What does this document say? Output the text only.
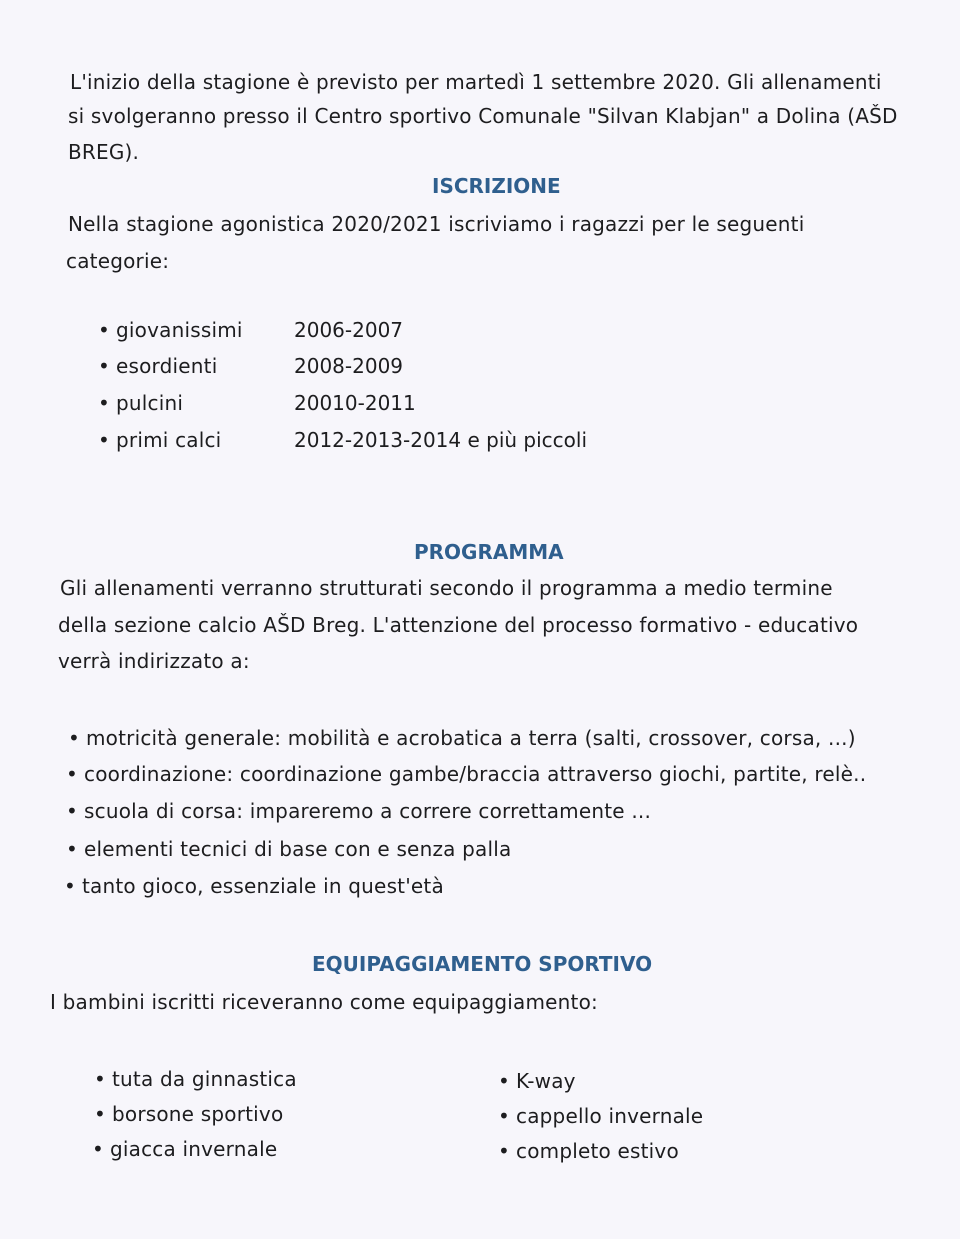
L'inizio della stagione è previsto per martedì 1 settembre 2020. Gli allenamenti
si svolgeranno presso il Centro sportivo Comunale "Silvan Klabjan" a Dolina (AŠD
BREG).
ISCRIZIONE
Nella stagione agonistica 2020/2021 iscriviamo i ragazzi per le seguenti
categorie:
• giovanissimi	2006-2007
• esordienti	2008-2009
• pulcini	20010-2011
• primi calci	2012-2013-2014 e più piccoli
PROGRAMMA
Gli allenamenti verranno strutturati secondo il programma a medio termine
della sezione calcio AŠD Breg. L'attenzione del processo formativo - educativo
verrà indirizzato a:
• motricità generale: mobilità e acrobatica a terra (salti, crossover, corsa, ...)
• coordinazione: coordinazione gambe/braccia attraverso giochi, partite, relè..
• scuola di corsa: impareremo a correre correttamente ...
• elementi tecnici di base con e senza palla
• tanto gioco, essenziale in quest'età
EQUIPAGGIAMENTO SPORTIVO
I bambini iscritti riceveranno come equipaggiamento:
• tuta da ginnastica
• borsone sportivo
• giacca invernale
• K-way
• cappello invernale
• completo estivo
